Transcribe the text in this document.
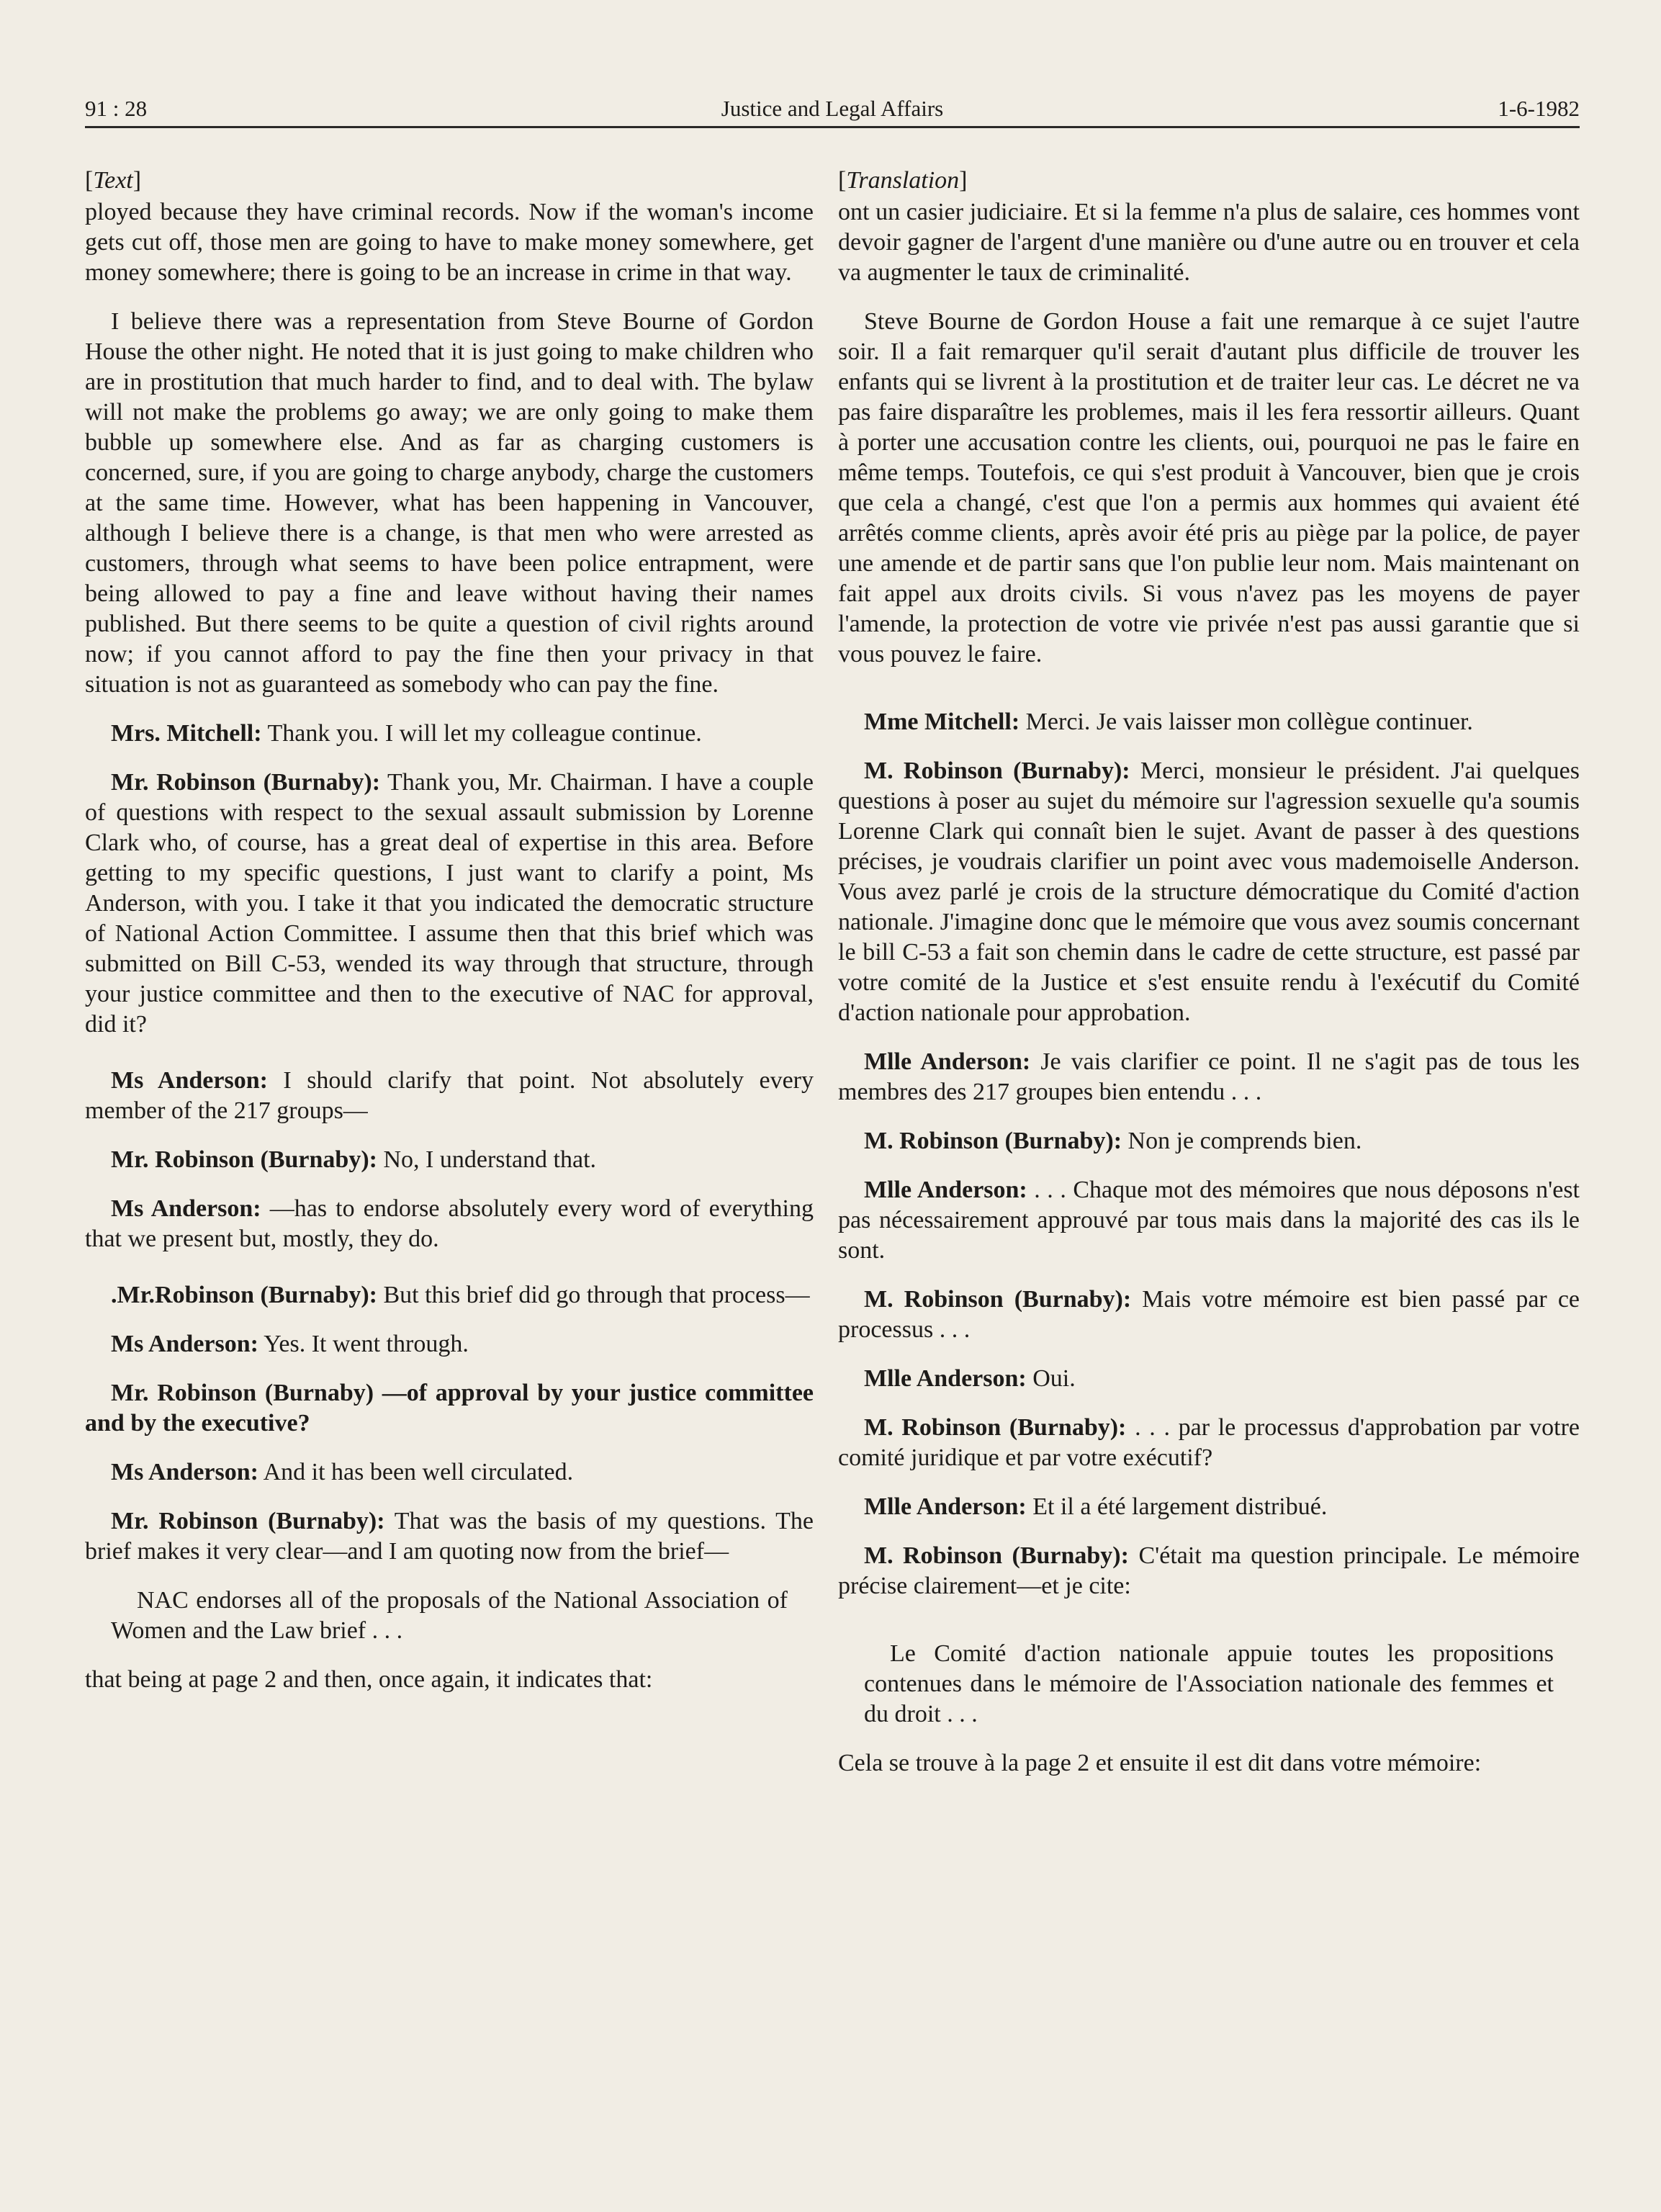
91 : 28	Justice and Legal Affairs	1-6-1982
[Text]

ployed because they have criminal records. Now if the woman's income gets cut off, those men are going to have to make money somewhere, get money somewhere; there is going to be an increase in crime in that way.

I believe there was a representation from Steve Bourne of Gordon House the other night. He noted that it is just going to make children who are in prostitution that much harder to find, and to deal with. The bylaw will not make the problems go away; we are only going to make them bubble up somewhere else. And as far as charging customers is concerned, sure, if you are going to charge anybody, charge the customers at the same time. However, what has been happening in Vancouver, although I believe there is a change, is that men who were arrested as customers, through what seems to have been police entrapment, were being allowed to pay a fine and leave without having their names published. But there seems to be quite a question of civil rights around now; if you cannot afford to pay the fine then your privacy in that situation is not as guaranteed as somebody who can pay the fine.

Mrs. Mitchell: Thank you. I will let my colleague continue.

Mr. Robinson (Burnaby): Thank you, Mr. Chairman. I have a couple of questions with respect to the sexual assault submission by Lorenne Clark who, of course, has a great deal of expertise in this area. Before getting to my specific questions, I just want to clarify a point, Ms Anderson, with you. I take it that you indicated the democratic structure of National Action Committee. I assume then that this brief which was submitted on Bill C-53, wended its way through that structure, through your justice committee and then to the executive of NAC for approval, did it?

Ms Anderson: I should clarify that point. Not absolutely every member of the 217 groups—

Mr. Robinson (Burnaby): No, I understand that.

Ms Anderson: —has to endorse absolutely every word of everything that we present but, mostly, they do.

.Mr.Robinson (Burnaby): But this brief did go through that process—

Ms Anderson: Yes. It went through.

Mr. Robinson (Burnaby) —of approval by your justice committee and by the executive?

Ms Anderson: And it has been well circulated.

Mr. Robinson (Burnaby): That was the basis of my questions. The brief makes it very clear—and I am quoting now from the brief—

NAC endorses all of the proposals of the National Association of Women and the Law brief . . .

that being at page 2 and then, once again, it indicates that:

[Translation]

ont un casier judiciaire. Et si la femme n'a plus de salaire, ces hommes vont devoir gagner de l'argent d'une manière ou d'une autre ou en trouver et cela va augmenter le taux de criminalité.

Steve Bourne de Gordon House a fait une remarque à ce sujet l'autre soir. Il a fait remarquer qu'il serait d'autant plus difficile de trouver les enfants qui se livrent à la prostitution et de traiter leur cas. Le décret ne va pas faire disparaître les problemes, mais il les fera ressortir ailleurs. Quant à porter une accusation contre les clients, oui, pourquoi ne pas le faire en même temps. Toutefois, ce qui s'est produit à Vancouver, bien que je crois que cela a changé, c'est que l'on a permis aux hommes qui avaient été arrêtés comme clients, après avoir été pris au piège par la police, de payer une amende et de partir sans que l'on publie leur nom. Mais maintenant on fait appel aux droits civils. Si vous n'avez pas les moyens de payer l'amende, la protection de votre vie privée n'est pas aussi garantie que si vous pouvez le faire.

Mme Mitchell: Merci. Je vais laisser mon collègue continuer.

M. Robinson (Burnaby): Merci, monsieur le président. J'ai quelques questions à poser au sujet du mémoire sur l'agression sexuelle qu'a soumis Lorenne Clark qui connaît bien le sujet. Avant de passer à des questions précises, je voudrais clarifier un point avec vous mademoiselle Anderson. Vous avez parlé je crois de la structure démocratique du Comité d'action nationale. J'imagine donc que le mémoire que vous avez soumis concernant le bill C-53 a fait son chemin dans le cadre de cette structure, est passé par votre comité de la Justice et s'est ensuite rendu à l'exécutif du Comité d'action nationale pour approbation.

Mlle Anderson: Je vais clarifier ce point. Il ne s'agit pas de tous les membres des 217 groupes bien entendu . . .

M. Robinson (Burnaby): Non je comprends bien.

Mlle Anderson: . . . Chaque mot des mémoires que nous déposons n'est pas nécessairement approuvé par tous mais dans la majorité des cas ils le sont.

M. Robinson (Burnaby): Mais votre mémoire est bien passé par ce processus . . .

Mlle Anderson: Oui.

M. Robinson (Burnaby): . . . par le processus d'approbation par votre comité juridique et par votre exécutif?

Mlle Anderson: Et il a été largement distribué.

M. Robinson (Burnaby): C'était ma question principale. Le mémoire précise clairement—et je cite:

Le Comité d'action nationale appuie toutes les propositions contenues dans le mémoire de l'Association nationale des femmes et du droit . . .

Cela se trouve à la page 2 et ensuite il est dit dans votre mémoire:
